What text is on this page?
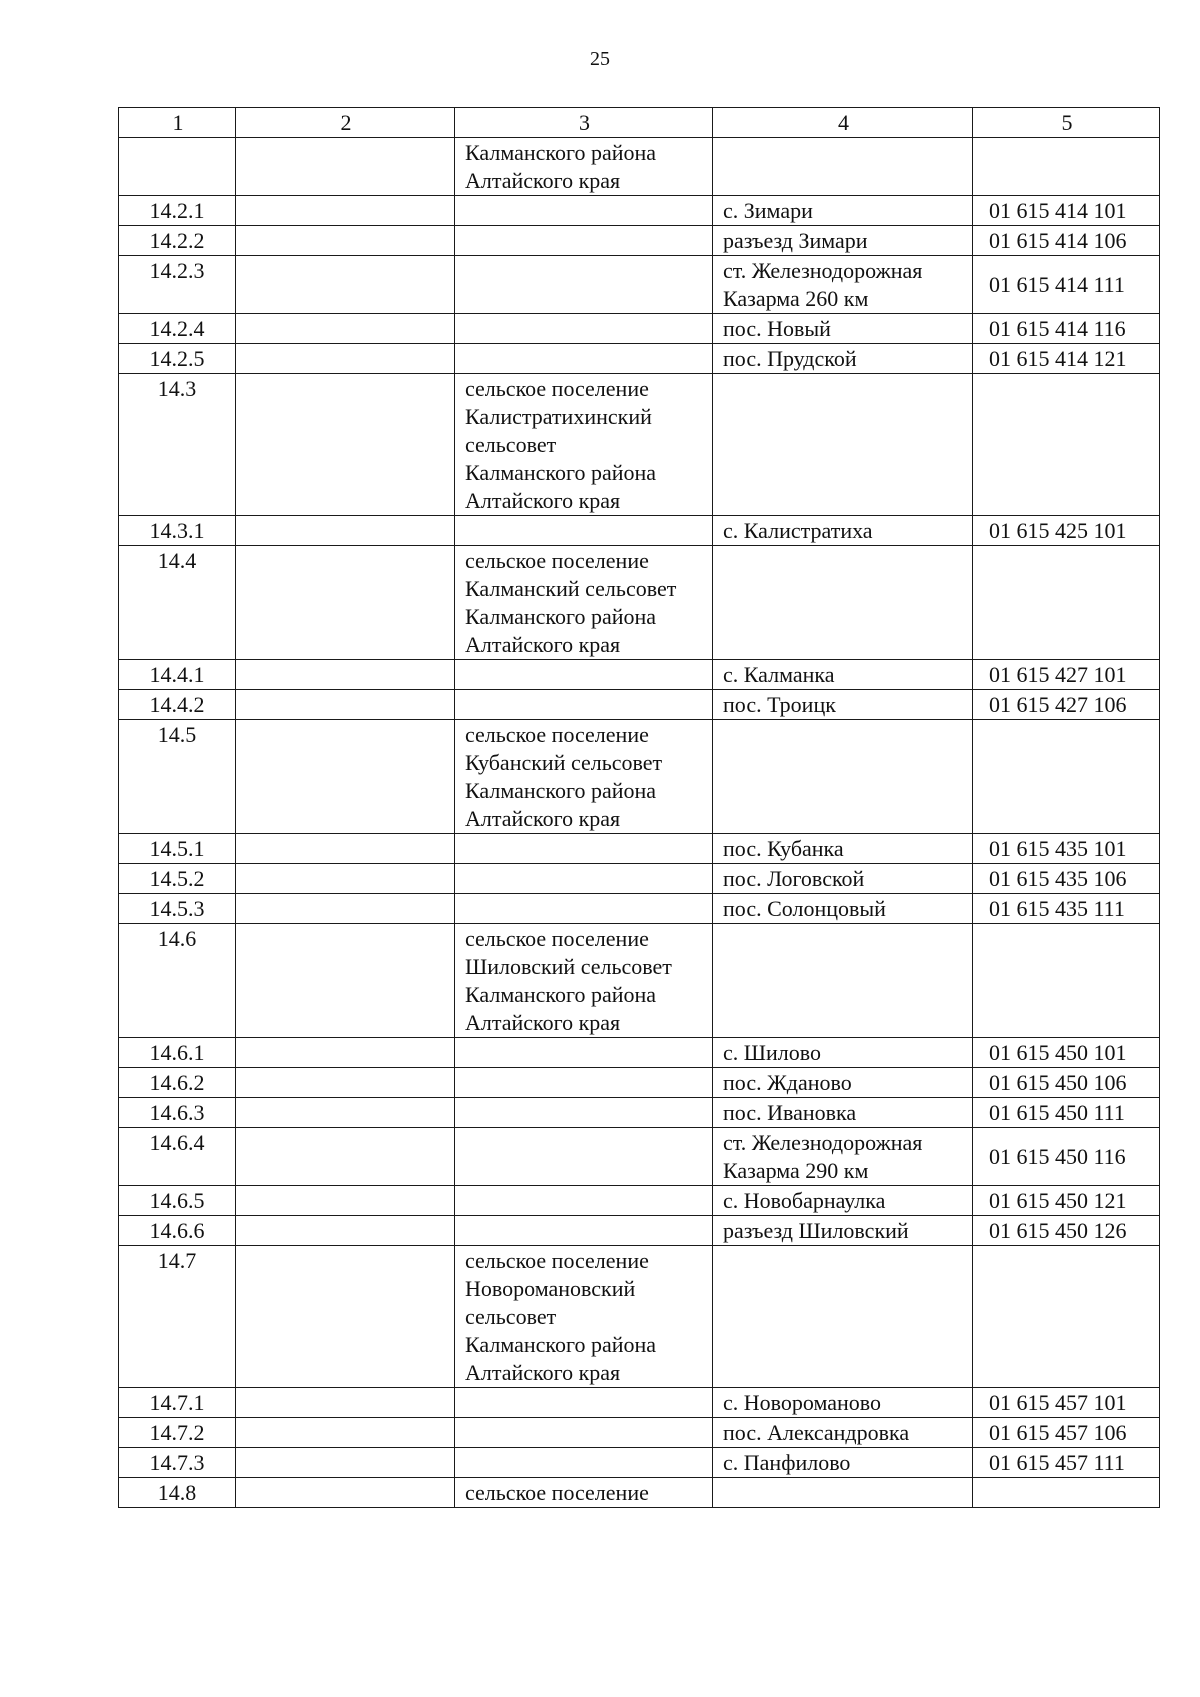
25
1	2	3	4	5

		Калманского района
Алтайского края		

14.2.1			с. Зимари	01 615 414 101

14.2.2			разъезд Зимари	01 615 414 106

14.2.3			ст. Железнодорожная
Казарма 260 км	01 615 414 111

14.2.4			пос. Новый	01 615 414 116

14.2.5			пос. Прудской	01 615 414 121

14.3		сельское поселение
Калистратихинский
сельсовет
Калманского района
Алтайского края		

14.3.1			с. Калистратиха	01 615 425 101

14.4		сельское поселение
Калманский сельсовет
Калманского района
Алтайского края		

14.4.1			с. Калманка	01 615 427 101

14.4.2			пос. Троицк	01 615 427 106

14.5		сельское поселение
Кубанский сельсовет
Калманского района
Алтайского края		

14.5.1			пос. Кубанка	01 615 435 101

14.5.2			пос. Логовской	01 615 435 106

14.5.3			пос. Солонцовый	01 615 435 111

14.6		сельское поселение
Шиловский сельсовет
Калманского района
Алтайского края		

14.6.1			с. Шилово	01 615 450 101

14.6.2			пос. Жданово	01 615 450 106

14.6.3			пос. Ивановка	01 615 450 111

14.6.4			ст. Железнодорожная
Казарма 290 км	01 615 450 116

14.6.5			с. Новобарнаулка	01 615 450 121

14.6.6			разъезд Шиловский	01 615 450 126

14.7		сельское поселение
Новоромановский
сельсовет
Калманского района
Алтайского края		

14.7.1			с. Новороманово	01 615 457 101

14.7.2			пос. Александровка	01 615 457 106

14.7.3			с. Панфилово	01 615 457 111

14.8		сельское поселение		
